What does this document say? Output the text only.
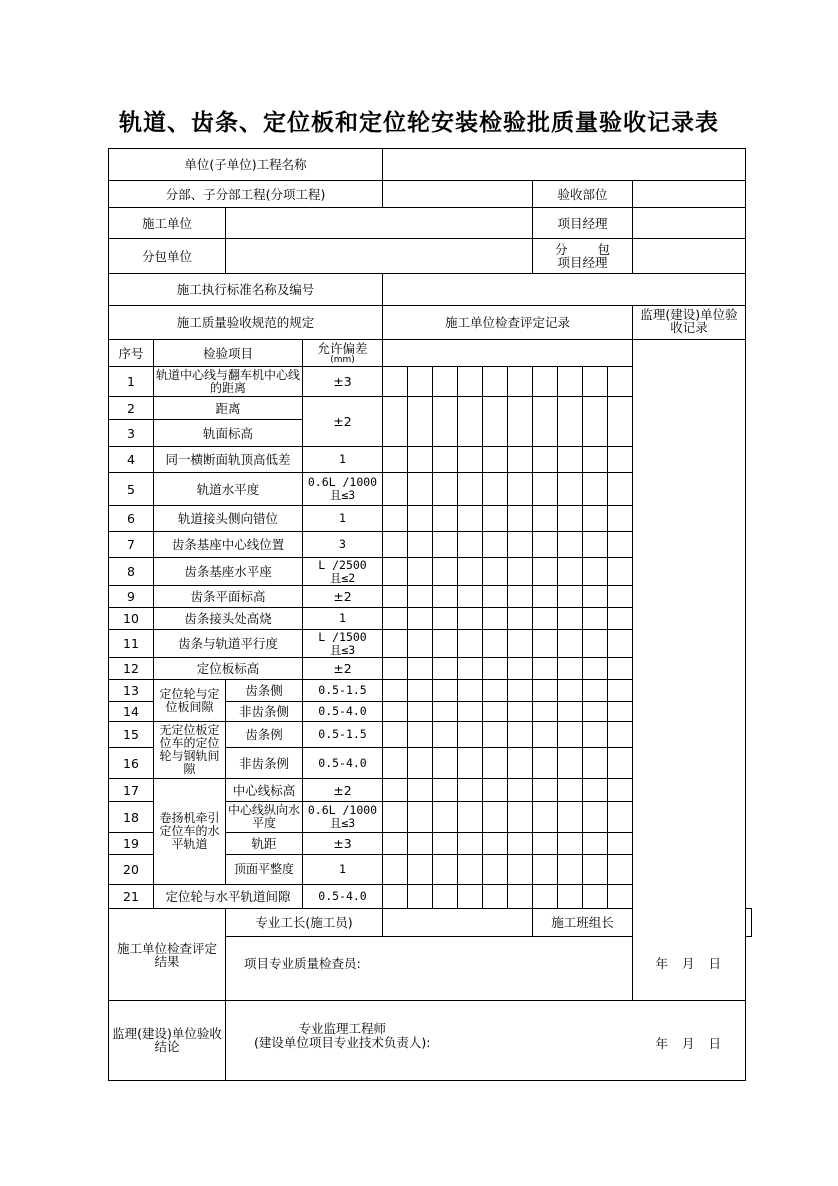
轨道、齿条、定位板和定位轮安装检验批质量验收记录表
单位(子单位)工程名称															
分部、子分部工程(分项工程)										验收部位					
施工单位										项目经理					
分包单位										分 包
项目经理					

施工执行标准名称及编号															
施工质量验收规范的规定				施工单位检查评定记录										监理(建设)单位验收记录	
序号	检验项目		允许偏差
(mm)												

1	轨道中心线与翻车机中心线的距离		±3												
2	距离		±2												
3	轨面标高														
4	同一横断面轨顶高低差		1												
5	轨道水平度		0.6L /1000
且≤3												

6	轨道接头侧向错位		1												
7	齿条基座中心线位置		3												
8	齿条基座水平座		L /2500
且≤2												

9	齿条平面标高		±2												
10	齿条接头处高烧		1												
11	齿条与轨道平行度		L /1500
且≤3												

12	定位板标高		±2												
13	定位轮与定位板间隙	齿条侧	0.5-1.5												
14		非齿条侧	0.5-4.0												
15	无定位板定位车的定位轮与钢轨间隙	齿条例	0.5-1.5												
16		非齿条例	0.5-4.0												
17	卷扬机牵引定位车的水平轨道	中心线标高	±2												
18		中心线纵向水平度	0.6L /1000
且≤3												

19		轨距	±3												
20		顶面平整度	1												
21	定位轮与水平轨道间隙		0.5-4.0												
施工单位检查评定结果		专业工长(施工员)								施工班组长					

		项目专业质量检查员: 年 月 日													

监理(建设)单位验收结论		专业监理工程师
(建设单位项目专业技术负责人): 年 月 日													
